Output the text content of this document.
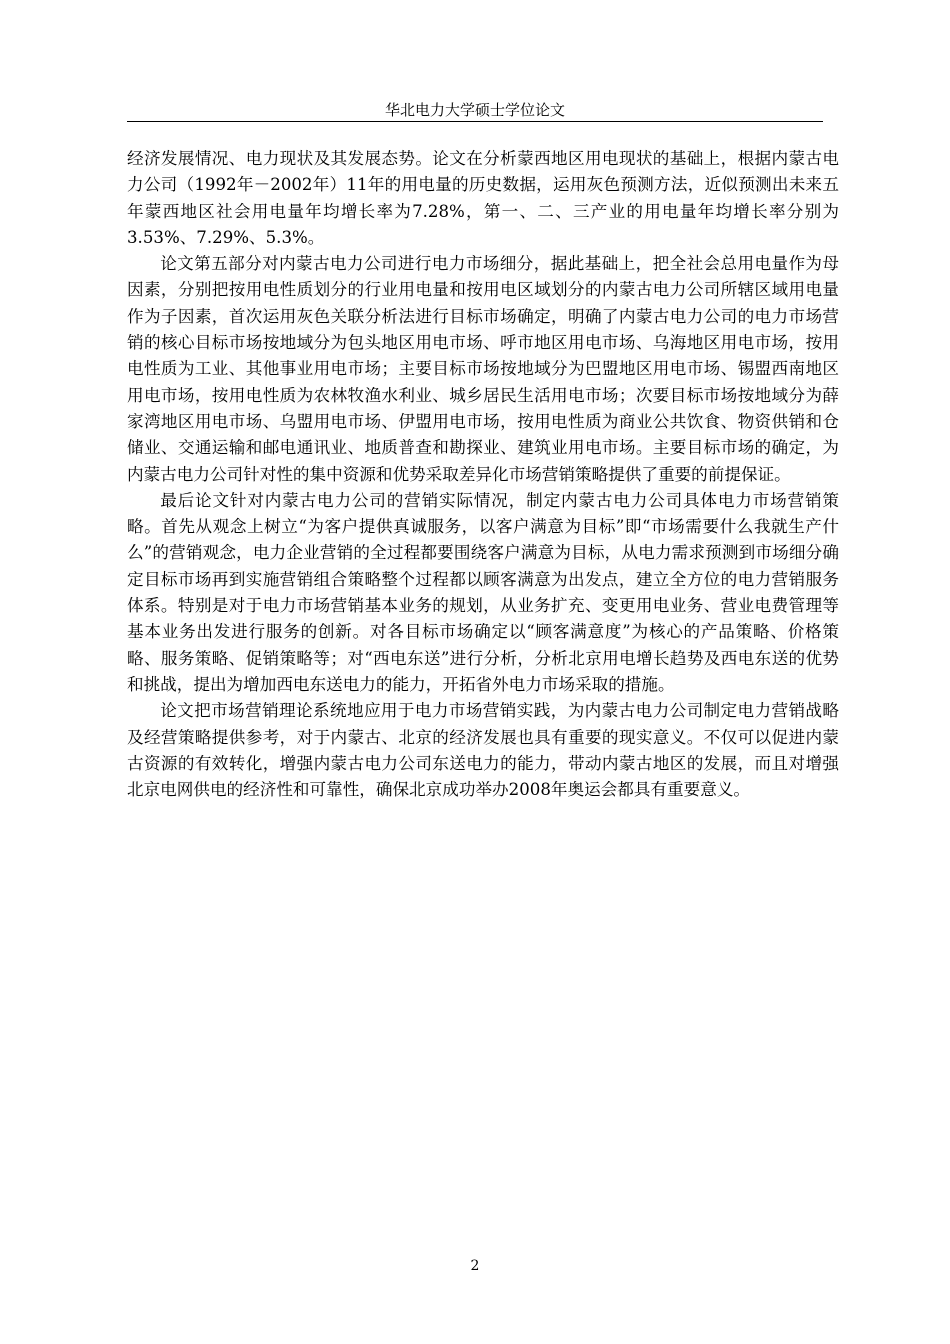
华北电力大学硕士学位论文

经济发展情况、电力现状及其发展态势。论文在分析蒙西地区用电现状的基础上，根据内蒙古电力公司（1992年－2002年）11年的用电量的历史数据，运用灰色预测方法，近似预测出未来五年蒙西地区社会用电量年均增长率为7.28%，第一、二、三产业的用电量年均增长率分别为3.53%、7.29%、5.3%。

论文第五部分对内蒙古电力公司进行电力市场细分，据此基础上，把全社会总用电量作为母因素，分别把按用电性质划分的行业用电量和按用电区域划分的内蒙古电力公司所辖区域用电量作为子因素，首次运用灰色关联分析法进行目标市场确定，明确了内蒙古电力公司的电力市场营销的核心目标市场按地域分为包头地区用电市场、呼市地区用电市场、乌海地区用电市场，按用电性质为工业、其他事业用电市场；主要目标市场按地域分为巴盟地区用电市场、锡盟西南地区用电市场，按用电性质为农林牧渔水利业、城乡居民生活用电市场；次要目标市场按地域分为薛家湾地区用电市场、乌盟用电市场、伊盟用电市场，按用电性质为商业公共饮食、物资供销和仓储业、交通运输和邮电通讯业、地质普查和勘探业、建筑业用电市场。主要目标市场的确定，为内蒙古电力公司针对性的集中资源和优势采取差异化市场营销策略提供了重要的前提保证。

最后论文针对内蒙古电力公司的营销实际情况，制定内蒙古电力公司具体电力市场营销策略。首先从观念上树立“为客户提供真诚服务，以客户满意为目标”即“市场需要什么我就生产什么”的营销观念，电力企业营销的全过程都要围绕客户满意为目标，从电力需求预测到市场细分确定目标市场再到实施营销组合策略整个过程都以顾客满意为出发点，建立全方位的电力营销服务体系。特别是对于电力市场营销基本业务的规划，从业务扩充、变更用电业务、营业电费管理等基本业务出发进行服务的创新。对各目标市场确定以“顾客满意度”为核心的产品策略、价格策略、服务策略、促销策略等；对“西电东送”进行分析，分析北京用电增长趋势及西电东送的优势和挑战，提出为增加西电东送电力的能力，开拓省外电力市场采取的措施。

论文把市场营销理论系统地应用于电力市场营销实践，为内蒙古电力公司制定电力营销战略及经营策略提供参考，对于内蒙古、北京的经济发展也具有重要的现实意义。不仅可以促进内蒙古资源的有效转化，增强内蒙古电力公司东送电力的能力，带动内蒙古地区的发展，而且对增强北京电网供电的经济性和可靠性，确保北京成功举办2008年奥运会都具有重要意义。

2
